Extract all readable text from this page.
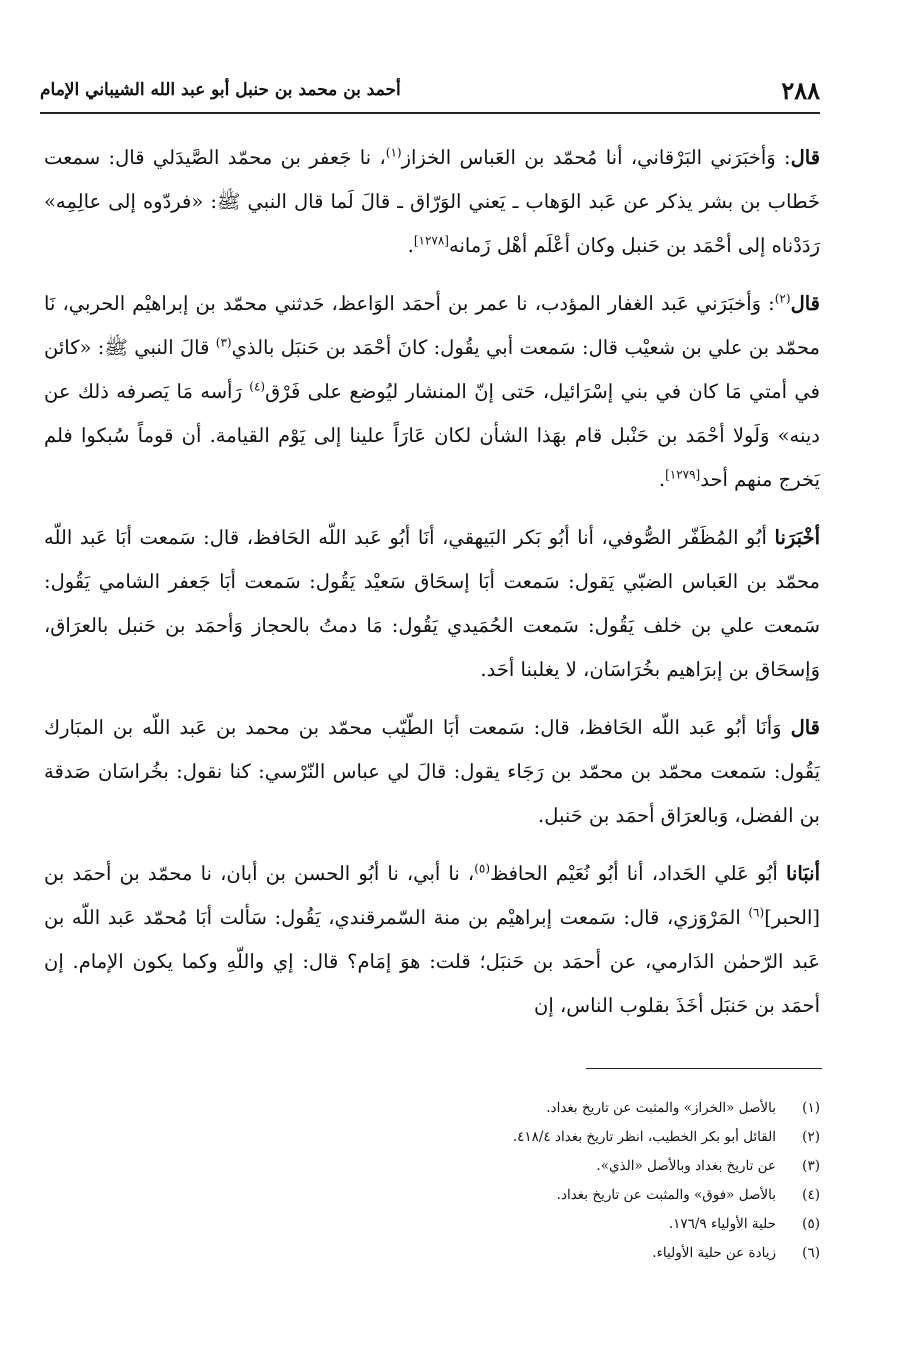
٢٨٨
أحمد بن محمد بن حنبل أبو عبد الله الشيباني الإمام

قال: وَأخبَرَني البَرْقاني، أنا مُحمّد بن العَباس الخزاز$^{(١)}$، نا جَعفر بن محمّد الصَّيدَلي قال: سمعت خَطاب بن بشر يذكر عن عَبد الوَهاب ـ يَعني الوَرّاق ـ قالَ لَما قال النبي ﷺ: «فردّوه إلى عالِمِه» رَدَدْناه إلى أحْمَد بن حَنبل وكان أعْلَم أهْل زَمانه[١٢٧٨].

قال$^{(٢)}$: وَأخبَرَني عَبد الغفار المؤدب، نا عمر بن أحمَد الوَاعظ، حَدثني محمّد بن إبراهيْم الحربي، نَا محمّد بن علي بن شعيْب قال: سَمعت أبي يقُول: كانَ أحْمَد بن حَنبَل بالذي$^{(٣)}$ قالَ النبي ﷺ: «كائن في أمتي مَا كان في بني إسْرَائيل، حَتى إنّ المنشار ليُوضع على فَرْق$^{(٤)}$ رَأسه مَا يَصرفه ذلك عن دينه» وَلَولا أحْمَد بن حَنْبل قام بهَذا الشأن لكان عَارَاً علينا إلى يَوْم القيامة. أن قوماً سُبكوا فلم يَخرج منهم أحد[١٢٧٩].

أخْبَرَنا أبُو المُظَفّر الصُّوفي، أنا أبُو بَكر البَيهقي، أنَا أبُو عَبد اللّه الحَافظ، قال: سَمعت أبَا عَبد اللّه محمّد بن العَباس الضبّي يَقول: سَمعت أبَا إسحَاق سَعيْد يَقُول: سَمعت أبَا جَعفر الشامي يَقُول: سَمعت علي بن خلف يَقُول: سَمعت الحُمَيدي يَقُول: مَا دمتُ بالحجاز وَأحمَد بن حَنبل بالعرَاق، وَإسحَاق بن إبرَاهيم بخُرَاسَان، لا يغلبنا أحَد.

قال وَأنَا أبُو عَبد اللّه الحَافظ، قال: سَمعت أبَا الطّيّب محمّد بن محمد بن عَبد اللّه بن المبَارك يَقُول: سَمعت محمّد بن محمّد بن رَجَاء يقول: قالَ لي عباس النّرْسي: كنا نقول: بخُراسَان صَدقة بن الفضل، وَبالعرَاق أحمَد بن حَنبل.

أنبَانا أبُو عَلي الحَداد، أنا أبُو نُعَيْم الحافظ$^{(٥)}$، نا أبي، نا أبُو الحسن بن أبان، نا محمّد بن أحمَد بن [الحبر]$^{(٦)}$ المَرْوَزي، قال: سَمعت إبراهيْم بن منة السّمرقندي، يَقُول: سَألت أبَا مُحمّد عَبد اللّه بن عَبد الرّحمٰن الدَارمي، عن أحمَد بن حَنبَل؛ قلت: هوَ إمَام؟ قال: إي واللّهِ وكما يكون الإمام. إن أحمَد بن حَنبَل أخَذَ بقلوب الناس، إن

(١)
بالأصل «الخراز» والمثبت عن تاريخ بغداد.
(٢)
القائل أبو بكر الخطيب، انظر تاريخ بغداد ٤١٨/٤.
(٣)
عن تاريخ بغداد وبالأصل «الذي».
(٤)
بالأصل «فوق» والمثبت عن تاريخ بغداد.
(٥)
حلية الأولياء ١٧٦/٩.
(٦)
زيادة عن حلية الأولياء.
